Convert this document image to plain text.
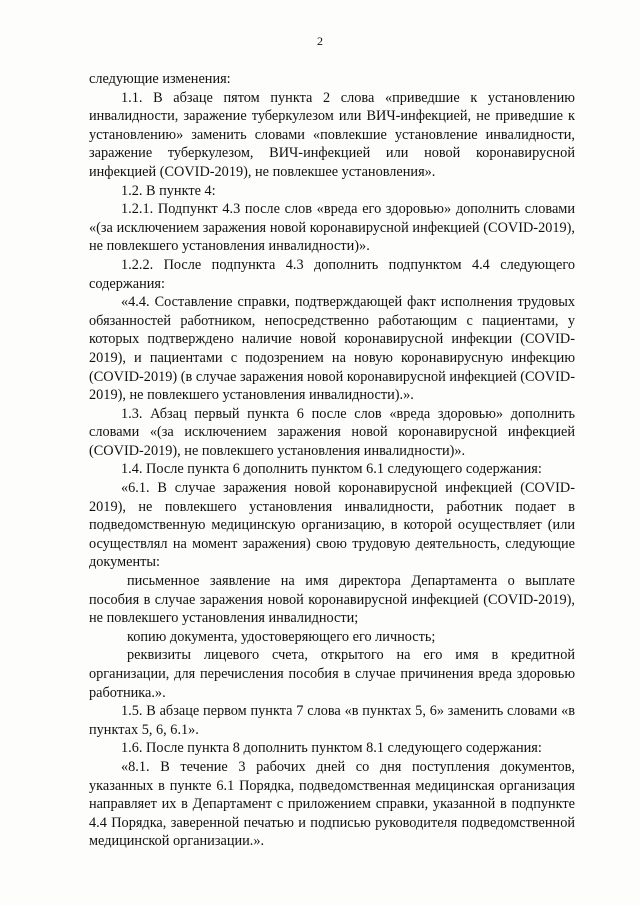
2

следующие изменения:

1.1. В абзаце пятом пункта 2 слова «приведшие к установлению инвалидности, заражение туберкулезом или ВИЧ-инфекцией, не приведшие к установлению» заменить словами «повлекшие установление инвалидности, заражение туберкулезом, ВИЧ-инфекцией или новой коронавирусной инфекцией (COVID-2019), не повлекшее установления».

1.2. В пункте 4:

1.2.1. Подпункт 4.3 после слов «вреда его здоровью» дополнить словами «(за исключением заражения новой коронавирусной инфекцией (COVID-2019), не повлекшего установления инвалидности)».

1.2.2. После подпункта 4.3 дополнить подпунктом 4.4 следующего содержания:

«4.4. Составление справки, подтверждающей факт исполнения трудовых обязанностей работником, непосредственно работающим с пациентами, у которых подтверждено наличие новой коронавирусной инфекции (COVID-2019), и пациентами с подозрением на новую коронавирусную инфекцию (COVID-2019) (в случае заражения новой коронавирусной инфекцией (COVID-2019), не повлекшего установления инвалидности).».

1.3. Абзац первый пункта 6 после слов «вреда здоровью» дополнить словами «(за исключением заражения новой коронавирусной инфекцией (COVID-2019), не повлекшего установления инвалидности)».

1.4. После пункта 6 дополнить пунктом 6.1 следующего содержания:

«6.1. В случае заражения новой коронавирусной инфекцией (COVID-2019), не повлекшего установления инвалидности, работник подает в подведомственную медицинскую организацию, в которой осуществляет (или осуществлял на момент заражения) свою трудовую деятельность, следующие документы:

письменное заявление на имя директора Департамента о выплате пособия в случае заражения новой коронавирусной инфекцией (COVID-2019), не повлекшего установления инвалидности;

копию документа, удостоверяющего его личность;

реквизиты лицевого счета, открытого на его имя в кредитной организации, для перечисления пособия в случае причинения вреда здоровью работника.».

1.5. В абзаце первом пункта 7 слова «в пунктах 5, 6» заменить словами «в пунктах 5, 6, 6.1».

1.6. После пункта 8 дополнить пунктом 8.1 следующего содержания:

«8.1. В течение 3 рабочих дней со дня поступления документов, указанных в пункте 6.1 Порядка, подведомственная медицинская организация направляет их в Департамент с приложением справки, указанной в подпункте 4.4 Порядка, заверенной печатью и подписью руководителя подведомственной медицинской организации.».
